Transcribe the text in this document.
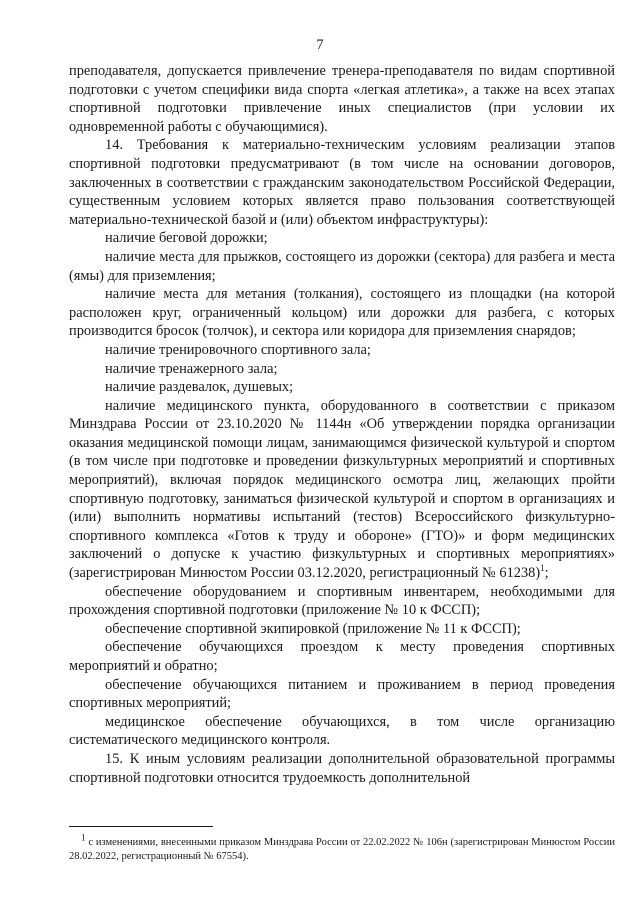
7

преподавателя, допускается привлечение тренера-преподавателя по видам спортивной подготовки с учетом специфики вида спорта «легкая атлетика», а также на всех этапах спортивной подготовки привлечение иных специалистов (при условии их одновременной работы с обучающимися).

14. Требования к материально-техническим условиям реализации этапов спортивной подготовки предусматривают (в том числе на основании договоров, заключенных в соответствии с гражданским законодательством Российской Федерации, существенным условием которых является право пользования соответствующей материально-технической базой и (или) объектом инфраструктуры):

наличие беговой дорожки;

наличие места для прыжков, состоящего из дорожки (сектора) для разбега и места (ямы) для приземления;

наличие места для метания (толкания), состоящего из площадки (на которой расположен круг, ограниченный кольцом) или дорожки для разбега, с которых производится бросок (толчок), и сектора или коридора для приземления снарядов;

наличие тренировочного спортивного зала;

наличие тренажерного зала;

наличие раздевалок, душевых;

наличие медицинского пункта, оборудованного в соответствии с приказом Минздрава России от 23.10.2020 № 1144н «Об утверждении порядка организации оказания медицинской помощи лицам, занимающимся физической культурой и спортом (в том числе при подготовке и проведении физкультурных мероприятий и спортивных мероприятий), включая порядок медицинского осмотра лиц, желающих пройти спортивную подготовку, заниматься физической культурой и спортом в организациях и (или) выполнить нормативы испытаний (тестов) Всероссийского физкультурно-спортивного комплекса «Готов к труду и обороне» (ГТО)» и форм медицинских заключений о допуске к участию физкультурных и спортивных мероприятиях» (зарегистрирован Минюстом России 03.12.2020, регистрационный № 61238)$^1$;

обеспечение оборудованием и спортивным инвентарем, необходимыми для прохождения спортивной подготовки (приложение № 10 к ФССП);

обеспечение спортивной экипировкой (приложение № 11 к ФССП);

обеспечение обучающихся проездом к месту проведения спортивных мероприятий и обратно;

обеспечение обучающихся питанием и проживанием в период проведения спортивных мероприятий;

медицинское обеспечение обучающихся, в том числе организацию систематического медицинского контроля.

15. К иным условиям реализации дополнительной образовательной программы спортивной подготовки относится трудоемкость дополнительной

$^1$ с изменениями, внесенными приказом Минздрава России от 22.02.2022 № 106н (зарегистрирован Минюстом России 28.02.2022, регистрационный № 67554).
